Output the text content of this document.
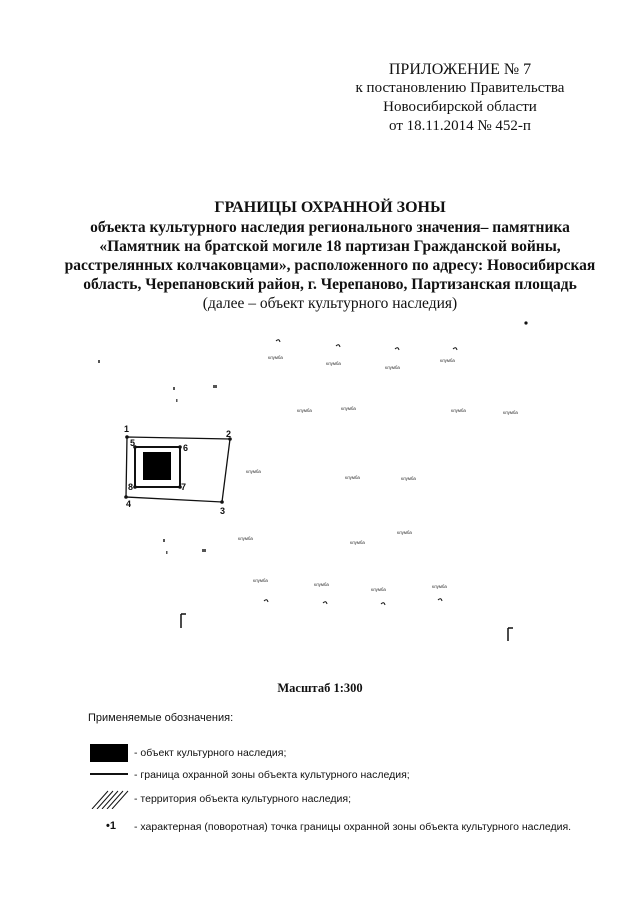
ПРИЛОЖЕНИЕ № 7
к постановлению Правительства
Новосибирской области
от 18.11.2014 № 452-п
ГРАНИЦЫ ОХРАННОЙ ЗОНЫ
объекта культурного наследия регионального значения– памятника
«Памятник на братской могиле 18 партизан Гражданской войны,
расстрелянных колчаковцами», расположенного по адресу: Новосибирская
область, Черепановский район, г. Черепаново, Партизанская площадь
(далее – объект культурного наследия)
1	2
3
4
5	6
7
8
клумба
клумба
клумба
клумба
клумба	клумба	клумба	клумба
клумба
клумба	клумба
клумба
клумба
клумба
клумба
клумба
клумба
клумба
Масштаб 1:300
Применяемые обозначения:
- объект культурного наследия;
- граница охранной зоны объекта культурного наследия;
- территория объекта культурного наследия;
•1 - характерная (поворотная) точка границы охранной зоны объекта культурного наследия.
